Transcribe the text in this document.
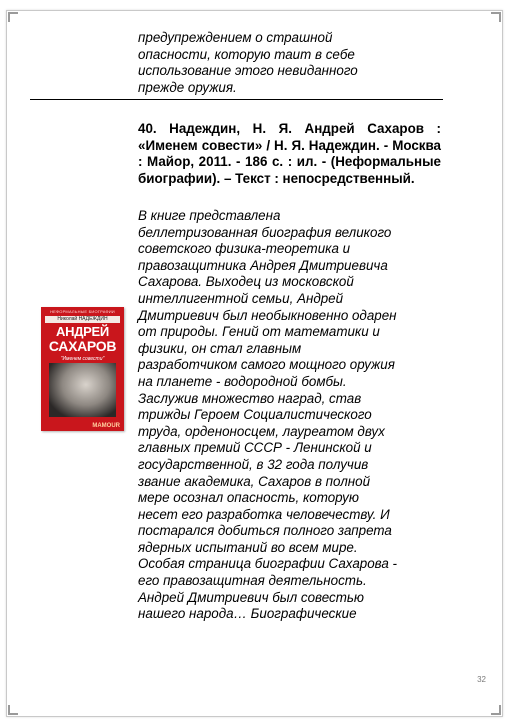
предупреждением о страшной
опасности, которую таит в себе
использование этого невиданного
прежде оружия.
40. Надеждин, Н. Я. Андрей Сахаров : «Именем совести» / Н. Я. Надеждин. - Москва : Майор, 2011. - 186 с. : ил. - (Неформальные биографии). – Текст : непосредственный.
В книге представлена
беллетризованная биография великого
советского физика-теоретика и
правозащитника Андрея Дмитриевича
Сахарова. Выходец из московской
интеллигентной семьи, Андрей
Дмитриевич был необыкновенно одарен
от природы. Гений от математики и
физики, он стал главным
разработчиком самого мощного оружия
на планете - водородной бомбы.
Заслужив множество наград, став
трижды Героем Социалистического
труда, орденоносцем, лауреатом двух
главных премий СССР - Ленинской и
государственной, в 32 года получив
звание академика, Сахаров в полной
мере осознал опасность, которую
несет его разработка человечеству. И
постарался добиться полного запрета
ядерных испытаний во всем мире.
Особая страница биографии Сахарова -
его правозащитная деятельность.
Андрей Дмитриевич был совестью
нашего народа… Биографические
НЕФОРМАЛЬНЫЕ БИОГРАФИИ
Николай НАДЕЖДИН
АНДРЕЙ
САХАРОВ
"Именем совести"
MAMOUR
32
